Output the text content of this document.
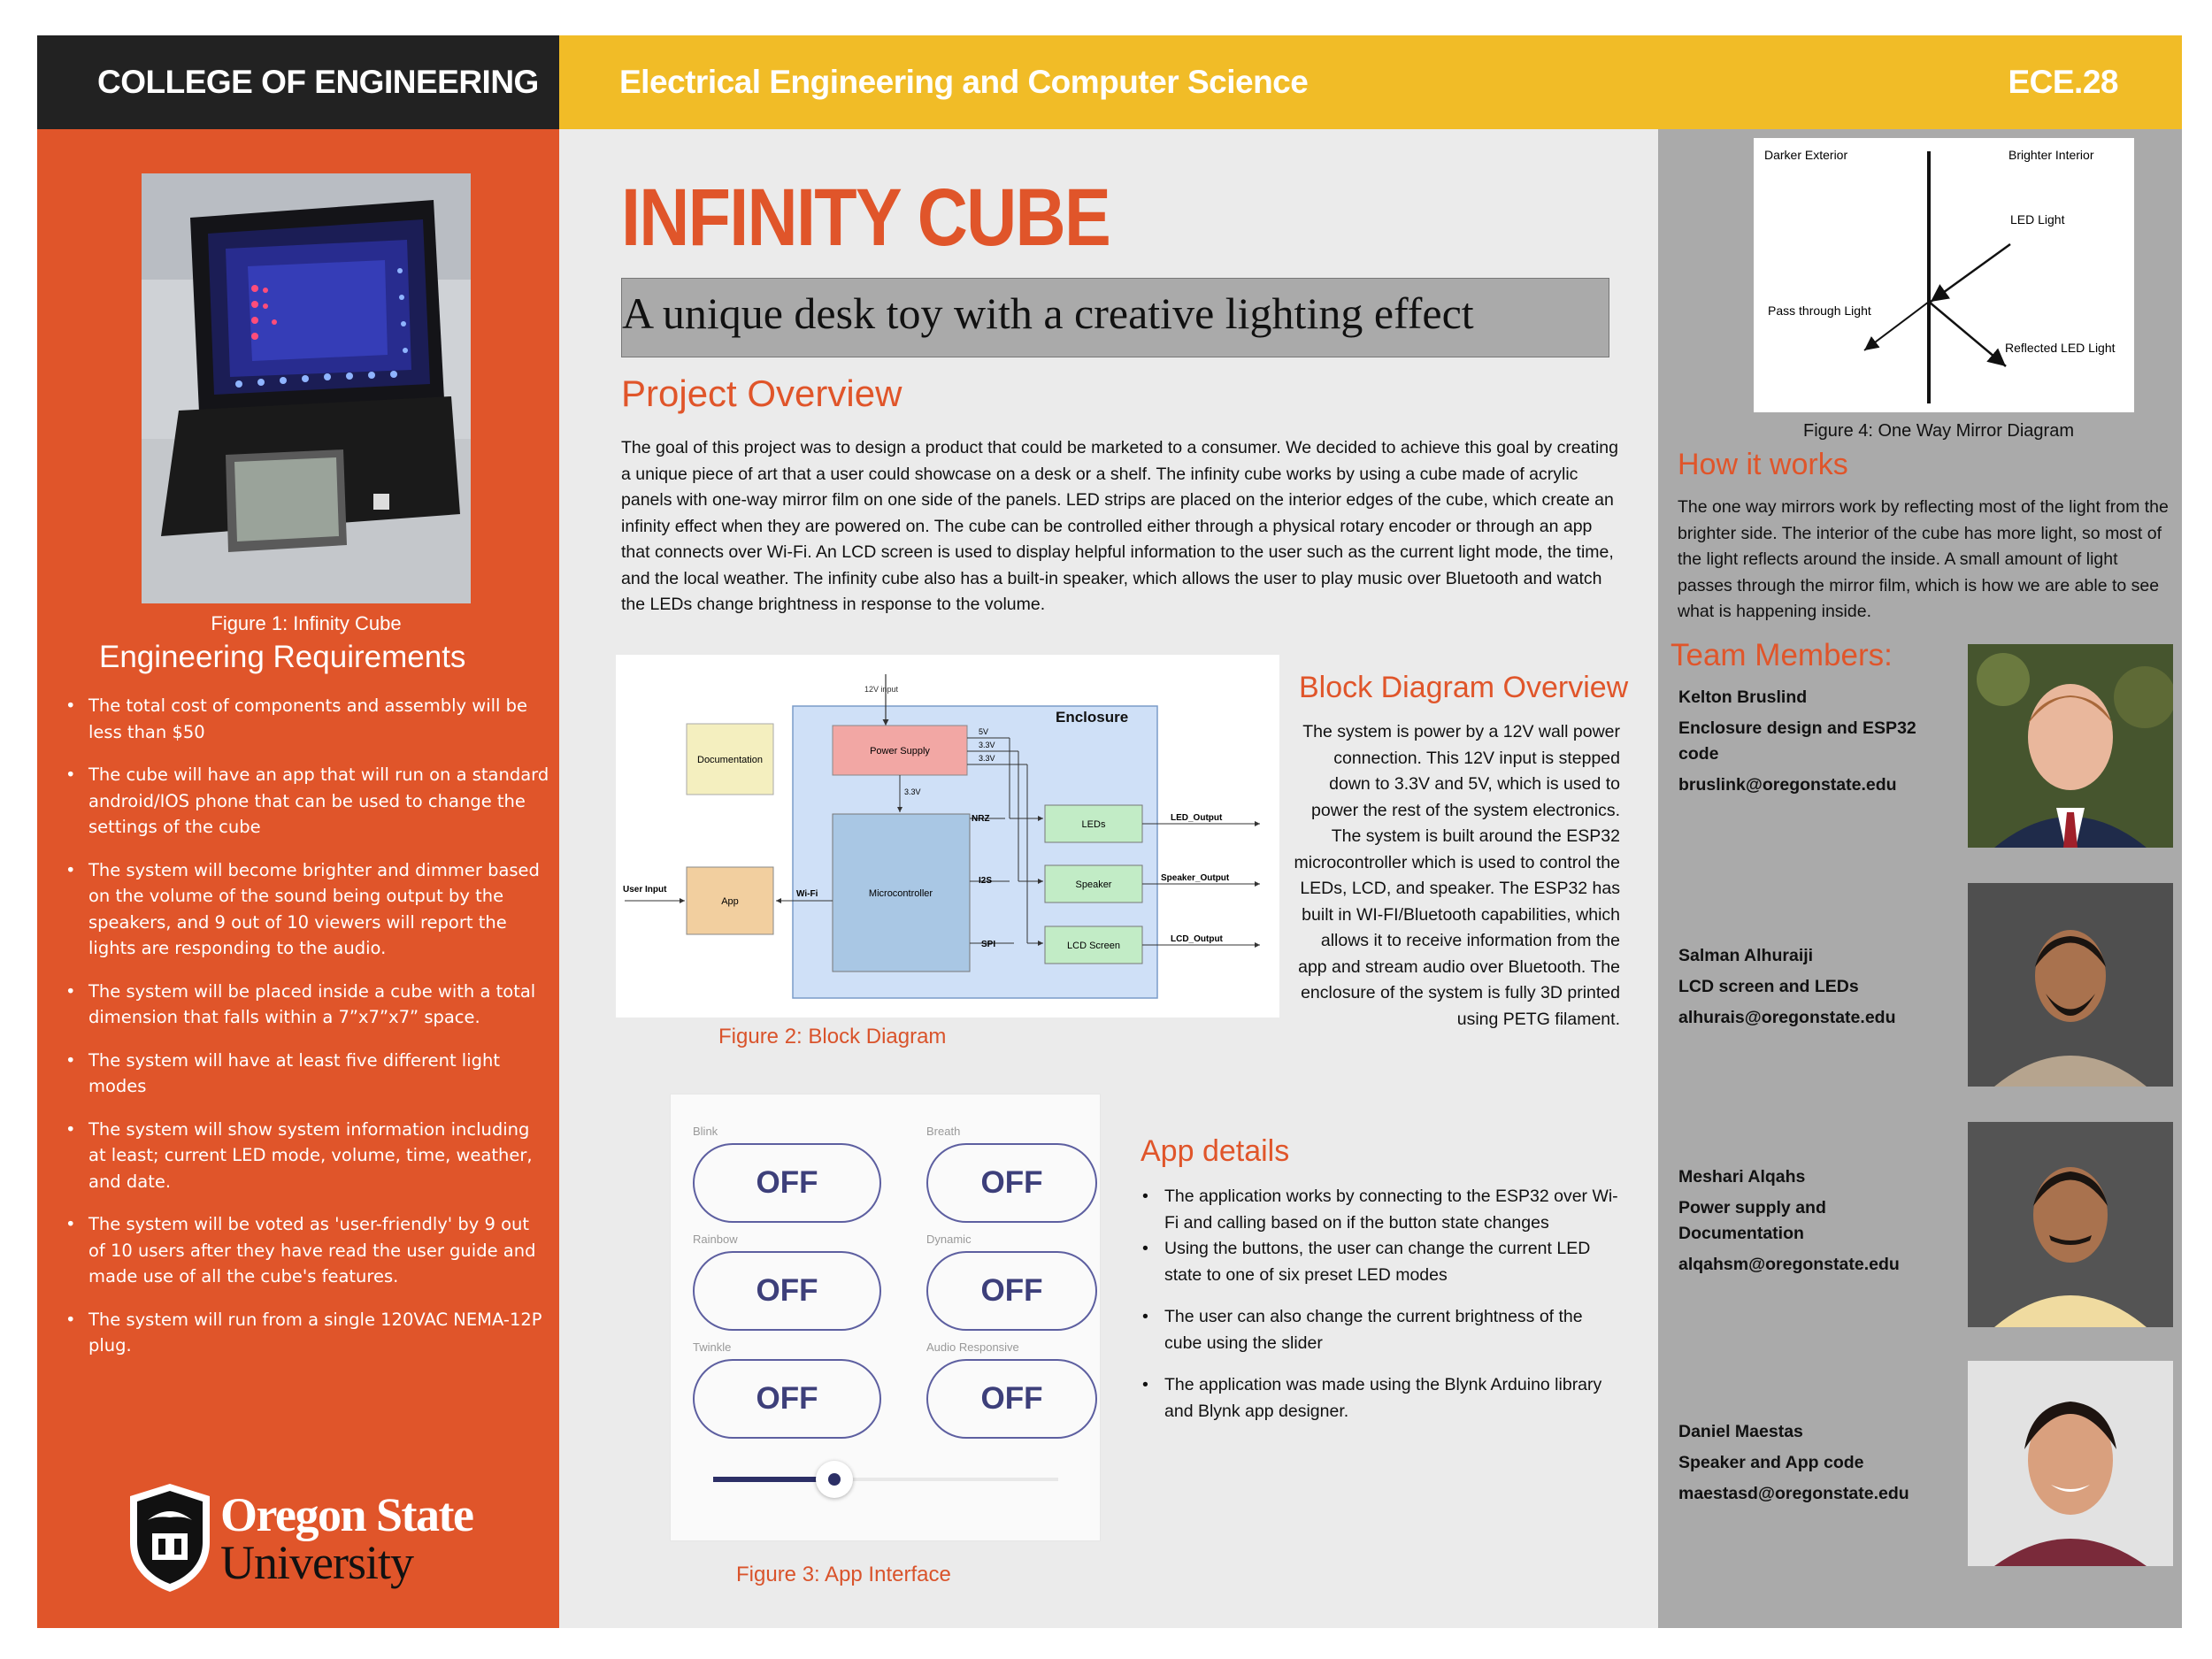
COLLEGE OF ENGINEERING Electrical Engineering and Computer Science	ECE.28
Figure 1: Infinity Cube
Engineering Requirements
• The total cost of components and assembly will be less than $50
• The cube will have an app that will run on a standard android/IOS phone that can be used to change the settings of the cube
• The system will become brighter and dimmer based on the volume of the sound being output by the speakers, and 9 out of 10 viewers will report the lights are responding to the audio.
• The system will be placed inside a cube with a total dimension that falls within a 7”x7”x7” space.
• The system will have at least five different light modes
• The system will show system information including at least; current LED mode, volume, time, weather, and date.
• The system will be voted as 'user-friendly' by 9 out of 10 users after they have read the user guide and made use of all the cube's features.
• The system will run from a single 120VAC NEMA-12P plug.
Oregon State
University
INFINITY CUBE
A unique desk toy with a creative lighting effect
Project Overview

The goal of this project was to design a product that could be marketed to a consumer. We decided to achieve this goal by creating a unique piece of art that a user could showcase on a desk or a shelf. The infinity cube works by using a cube made of acrylic panels with one-way mirror film on one side of the panels. LED strips are placed on the interior edges of the cube, which create an infinity effect when they are powered on. The cube can be controlled either through a physical rotary encoder or through an app that connects over Wi-Fi. An LCD screen is used to display helpful information to the user such as the current light mode, the time, and the local weather. The infinity cube also has a built-in speaker, which allows the user to play music over Bluetooth and watch the LEDs change brightness in response to the volume.

Enclosure
12V input
Documentation
Power Supply
5V
3.3V
3.3V
3.3V
Microcontroller
NRZ
I2S
SPI
LEDs
Speaker
LCD Screen
LED_Output
Speaker_Output
LCD_Output
App
User Input	Wi-Fi
Figure 2: Block Diagram
Block Diagram Overview

The system is power by a 12V wall power connection. This 12V input is stepped down to 3.3V and 5V, which is used to power the rest of the system electronics. The system is built around the ESP32 microcontroller which is used to control the LEDs, LCD, and speaker. The ESP32 has built in WI-FI/Bluetooth capabilities, which allows it to receive information from the app and stream audio over Bluetooth. The enclosure of the system is fully 3D printed using PETG filament.

Blink
OFF
Breath
OFF
Rainbow
OFF
Dynamic
OFF
Twinkle
OFF
Audio Responsive
OFF
Figure 3: App Interface
App details
• The application works by connecting to the ESP32 over Wi-Fi and calling based on if the button state changes
• Using the buttons, the user can change the current LED state to one of six preset LED modes
• The user can also change the current brightness of the cube using the slider
• The application was made using the Blynk Arduino library and Blynk app designer.
Darker Exterior	Brighter Interior
LED Light
Pass through Light
Reflected LED Light
Figure 4: One Way Mirror Diagram
How it works

The one way mirrors work by reflecting most of the light from the brighter side. The interior of the cube has more light, so most of the light reflects around the inside. A small amount of light passes through the mirror film, which is how we are able to see what is happening inside.

Team Members:
Kelton Bruslind
Enclosure design and ESP32 code
bruslink@oregonstate.edu
Salman Alhuraiji
LCD screen and LEDs
alhurais@oregonstate.edu
Meshari Alqahs
Power supply and Documentation
alqahsm@oregonstate.edu
Daniel Maestas
Speaker and App code
maestasd@oregonstate.edu
